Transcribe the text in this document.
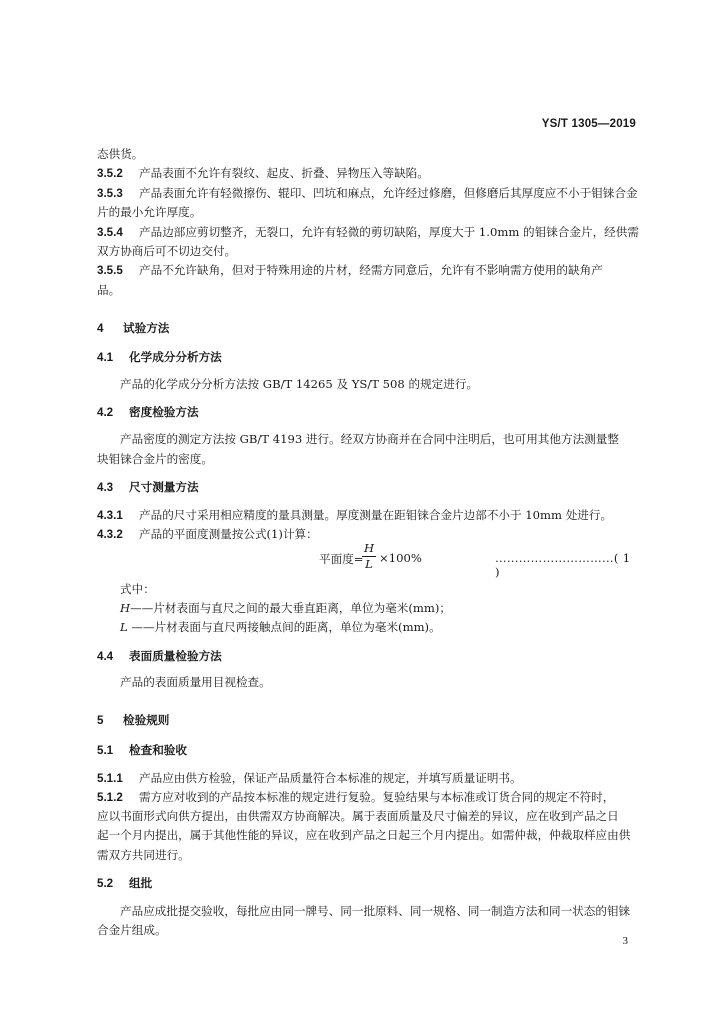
YS/T 1305—2019
态供货。
3.5.2 产品表面不允许有裂纹、起皮、折叠、异物压入等缺陷。
3.5.3 产品表面允许有轻微擦伤、辊印、凹坑和麻点，允许经过修磨，但修磨后其厚度应不小于钼铼合金
片的最小允许厚度。
3.5.4 产品边部应剪切整齐，无裂口，允许有轻微的剪切缺陷，厚度大于 1.0mm 的钼铼合金片，经供需
双方协商后可不切边交付。
3.5.5 产品不允许缺角，但对于特殊用途的片材，经需方同意后，允许有不影响需方使用的缺角产
品。
4 试验方法
4.1 化学成分分析方法
产品的化学成分分析方法按 GB/T 14265 及 YS/T 508 的规定进行。
4.2 密度检验方法
产品密度的测定方法按 GB/T 4193 进行。经双方协商并在合同中注明后，也可用其他方法测量整
块钼铼合金片的密度。
4.3 尺寸测量方法
4.3.1 产品的尺寸采用相应精度的量具测量。厚度测量在距钼铼合金片边部不小于 10mm 处进行。
4.3.2 产品的平面度测量按公式(1)计算：
平面度=
H
L ×100%	…………………………( 1 )
式中：
H——片材表面与直尺之间的最大垂直距离，单位为毫米(mm)；
L ——片材表面与直尺两接触点间的距离，单位为毫米(mm)。
4.4 表面质量检验方法
产品的表面质量用目视检查。
5 检验规则
5.1 检查和验收
5.1.1 产品应由供方检验，保证产品质量符合本标准的规定，并填写质量证明书。
5.1.2 需方应对收到的产品按本标准的规定进行复验。复验结果与本标准或订货合同的规定不符时，
应以书面形式向供方提出，由供需双方协商解决。属于表面质量及尺寸偏差的异议，应在收到产品之日
起一个月内提出，属于其他性能的异议，应在收到产品之日起三个月内提出。如需仲裁，仲裁取样应由供
需双方共同进行。
5.2 组批
产品应成批提交验收，每批应由同一牌号、同一批原料、同一规格、同一制造方法和同一状态的钼铼
合金片组成。
3
